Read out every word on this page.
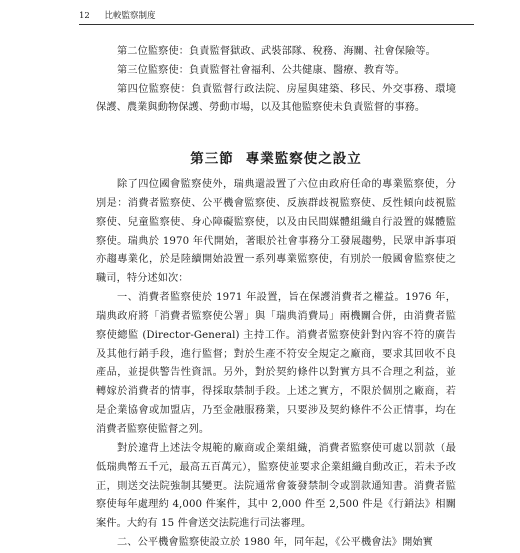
12 比較監察制度

第二位監察使：負責監督獄政、武裝部隊、稅務、海關、社會保險等。

第三位監察使：負責監督社會福利、公共健康、醫療、教育等。

第四位監察使：負責監督行政法院、房屋與建築、移民、外交事務、環境保護、農業與動物保護、勞動市場，以及其他監察使未負責監督的事務。

第三節 專業監察使之設立

除了四位國會監察使外，瑞典還設置了六位由政府任命的專業監察使，分別是：消費者監察使、公平機會監察使、反族群歧視監察使、反性傾向歧視監察使、兒童監察使、身心障礙監察使，以及由民間媒體組織自行設置的媒體監察使。瑞典於 1970 年代開始，著眼於社會事務分工發展趨勢，民眾申訴事項亦趨專業化，於是陸續開始設置一系列專業監察使，有別於一般國會監察使之職司，特分述如次：

一、消費者監察使於 1971 年設置，旨在保護消費者之權益。1976 年，瑞典政府將「消費者監察使公署」與「瑞典消費局」兩機關合併，由消費者監察使總監 (Director-General) 主持工作。消費者監察使針對內容不符的廣告及其他行銷手段，進行監督；對於生產不符安全規定之廠商，要求其回收不良產品，並提供警告性資訊。另外，對於契約條件以對實方具不合理之利益，並轉嫁於消費者的情事，得採取禁制手段。上述之實方，不限於個別之廠商，若是企業協會或加盟店，乃至金融服務業，只要涉及契約條件不公正情事，均在消費者監察使監督之列。

對於違背上述法令規範的廠商或企業組織，消費者監察使可處以罰款（最低瑞典幣五千元，最高五百萬元），監察使並要求企業組織自動改正，若未予改正，則送交法院強制其變更。法院通常會簽發禁制令或罰款通知書。消費者監察使每年處理約 4,000 件案件，其中 2,000 件至 2,500 件是《行銷法》相關案件。大約有 15 件會送交法院進行司法審理。

二、公平機會監察使設立於 1980 年，同年起，《公平機會法》開始實
